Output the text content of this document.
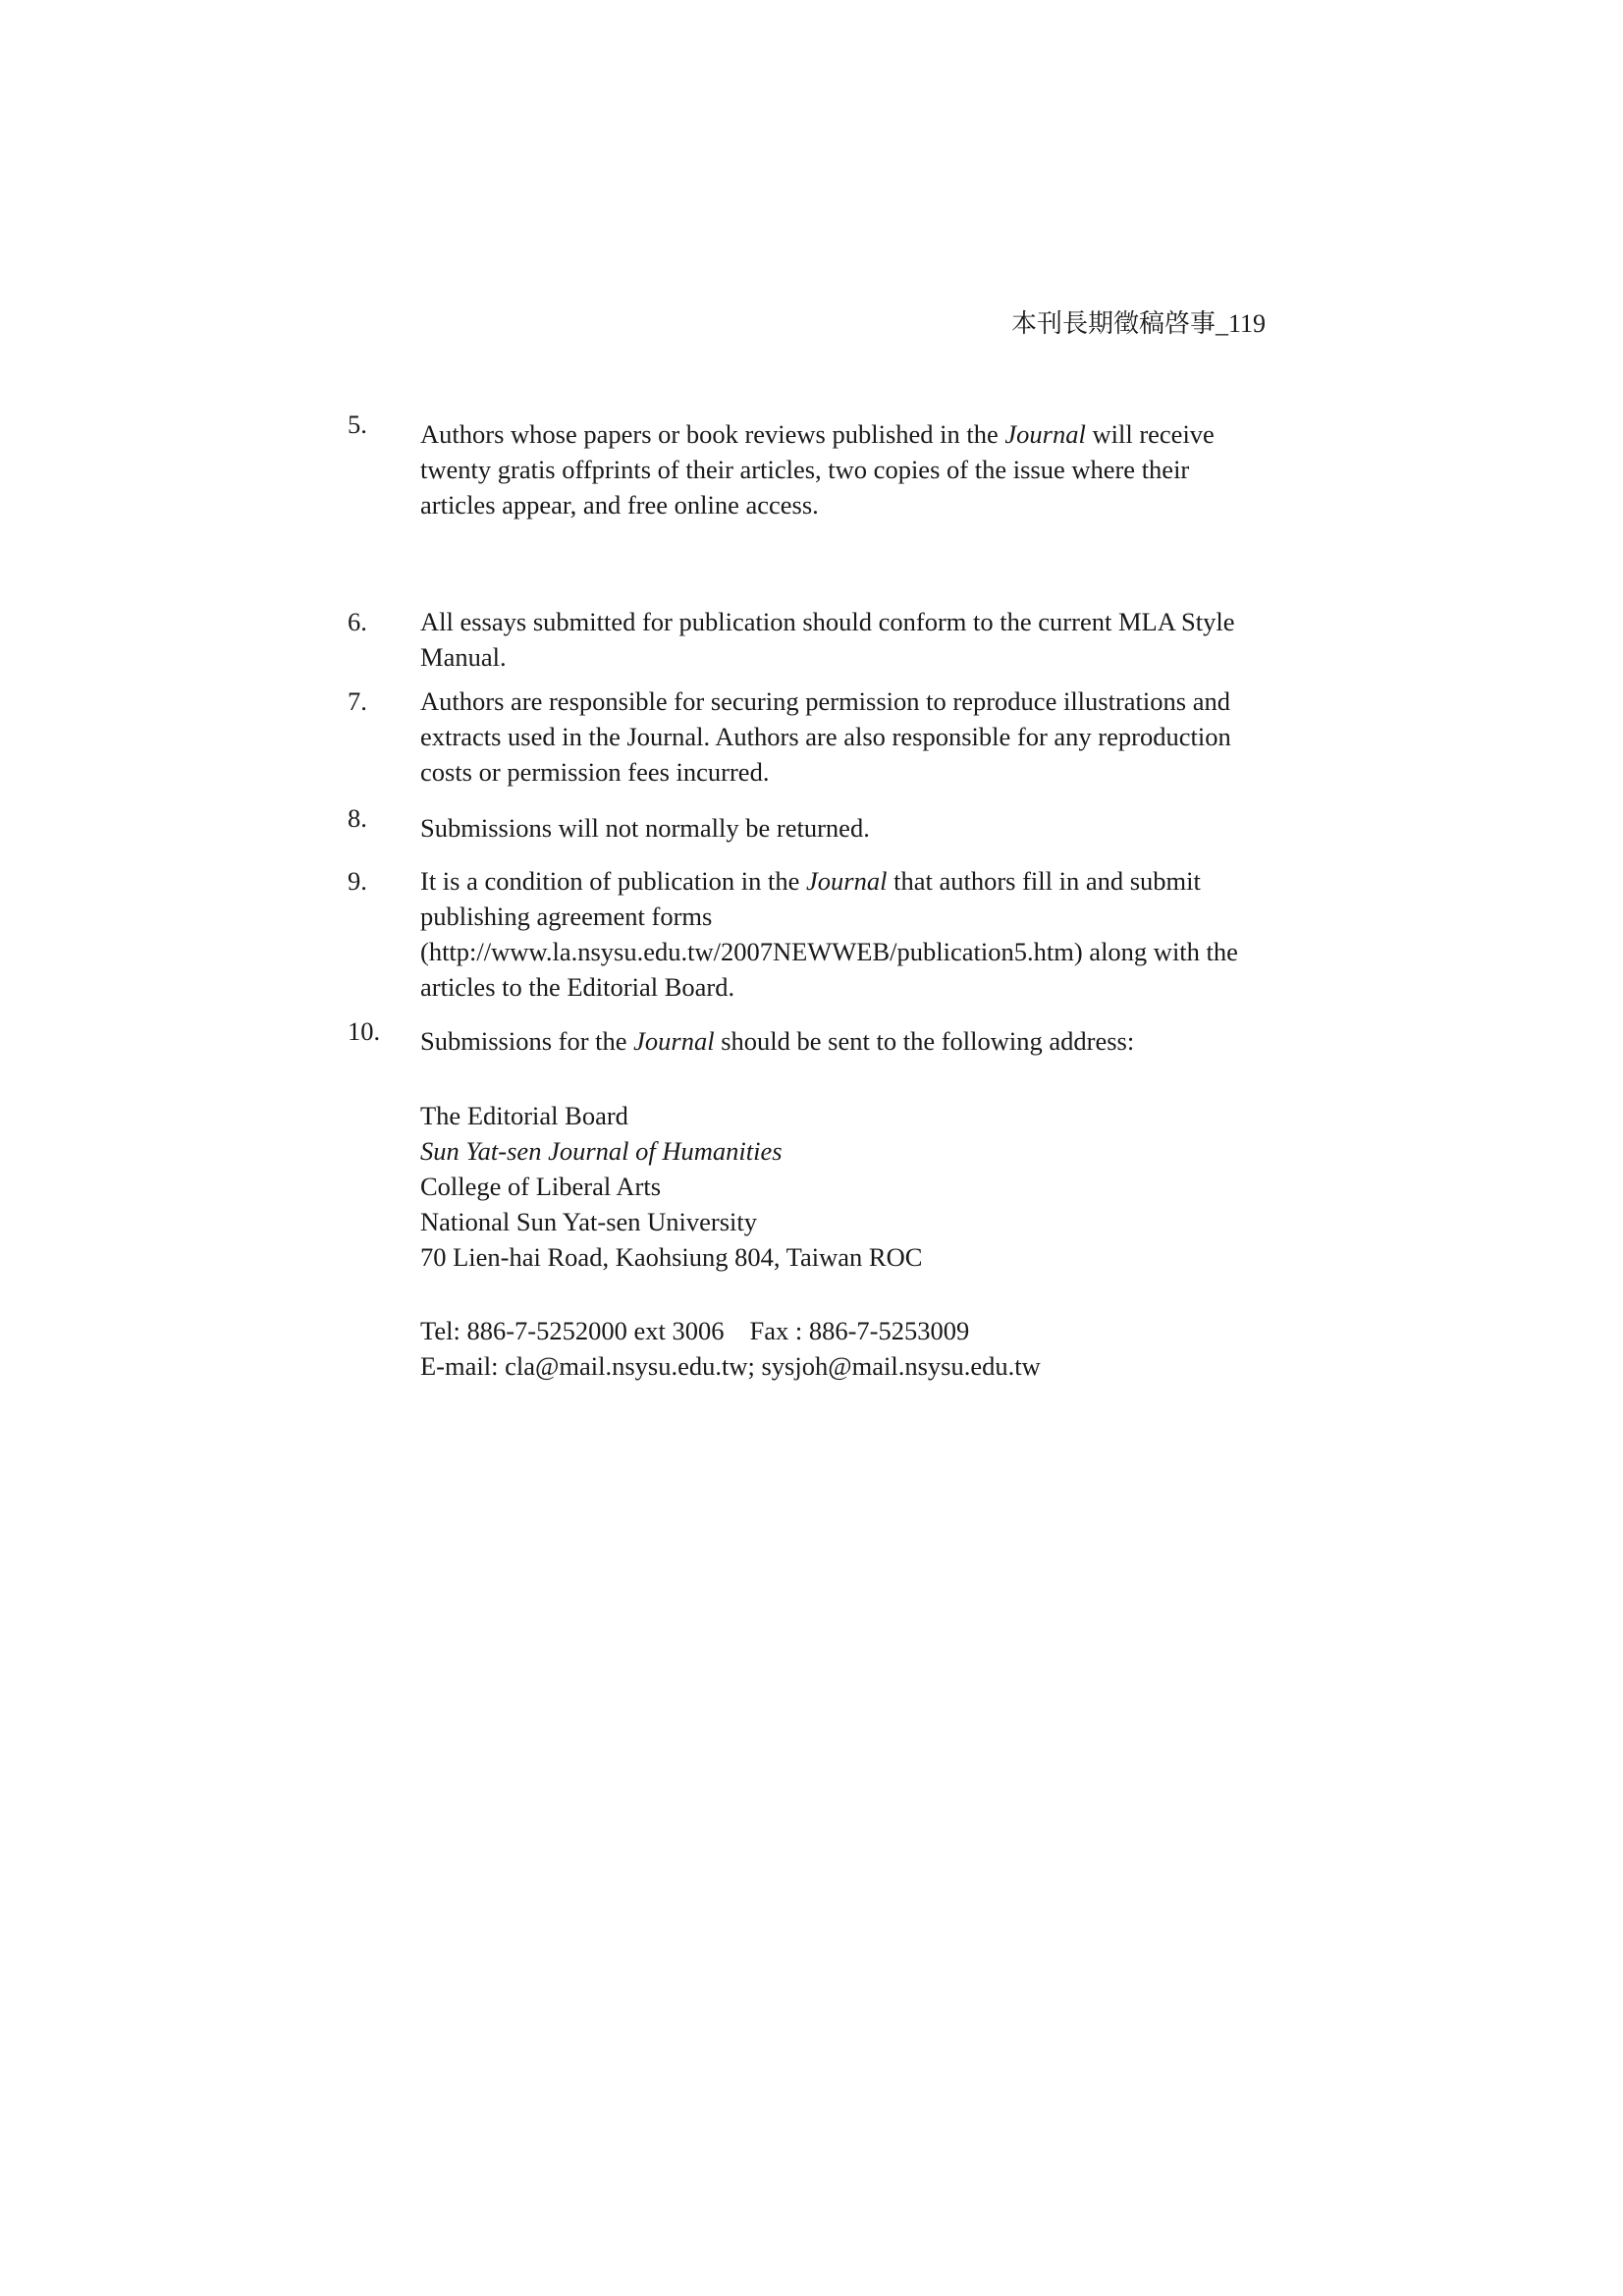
本刊長期徵稿啓事_119
5. Authors whose papers or book reviews published in the Journal will receive
twenty gratis offprints of their articles, two copies of the issue where their
articles appear, and free online access.
6. All essays submitted for publication should conform to the current MLA Style
Manual.
7. Authors are responsible for securing permission to reproduce illustrations and
extracts used in the Journal. Authors are also responsible for any reproduction
costs or permission fees incurred.
8. Submissions will not normally be returned.
9. It is a condition of publication in the Journal that authors fill in and submit
publishing agreement forms
(http://www.la.nsysu.edu.tw/2007NEWWEB/publication5.htm) along with the
articles to the Editorial Board.
10. Submissions for the Journal should be sent to the following address:
The Editorial Board
Sun Yat-sen Journal of Humanities
College of Liberal Arts
National Sun Yat-sen University
70 Lien-hai Road, Kaohsiung 804, Taiwan ROC
Tel: 886-7-5252000 ext 3006 Fax : 886-7-5253009
E-mail: cla@mail.nsysu.edu.tw; sysjoh@mail.nsysu.edu.tw
